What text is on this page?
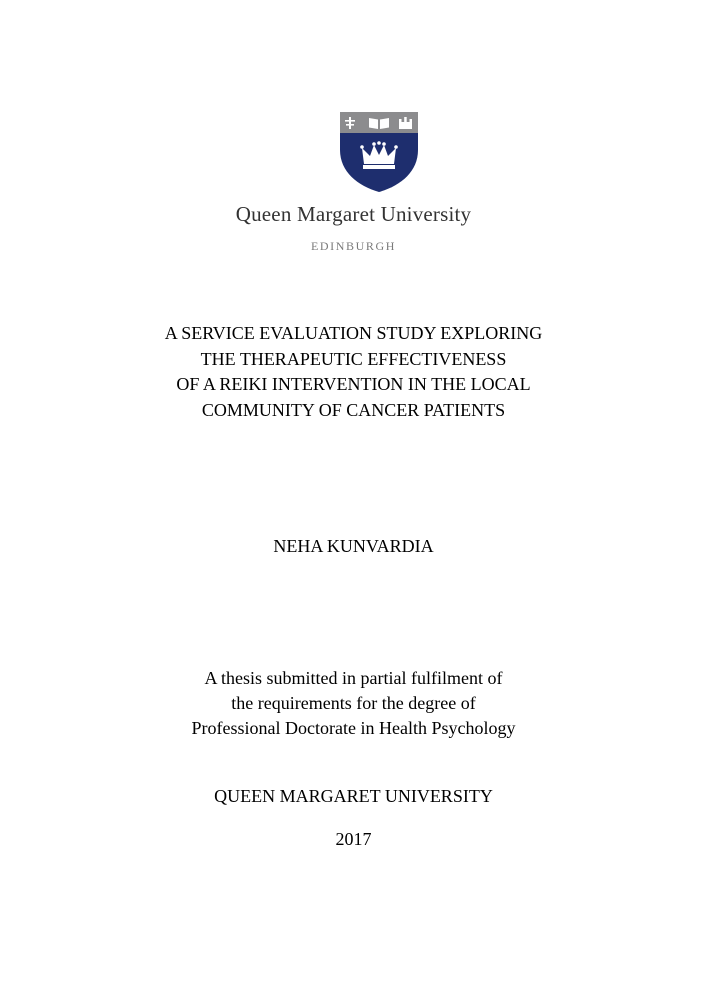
Queen Margaret University
EDINBURGH
A SERVICE EVALUATION STUDY EXPLORING
THE THERAPEUTIC EFFECTIVENESS
OF A REIKI INTERVENTION IN THE LOCAL
COMMUNITY OF CANCER PATIENTS
NEHA KUNVARDIA
A thesis submitted in partial fulfilment of
the requirements for the degree of
Professional Doctorate in Health Psychology
QUEEN MARGARET UNIVERSITY
2017
